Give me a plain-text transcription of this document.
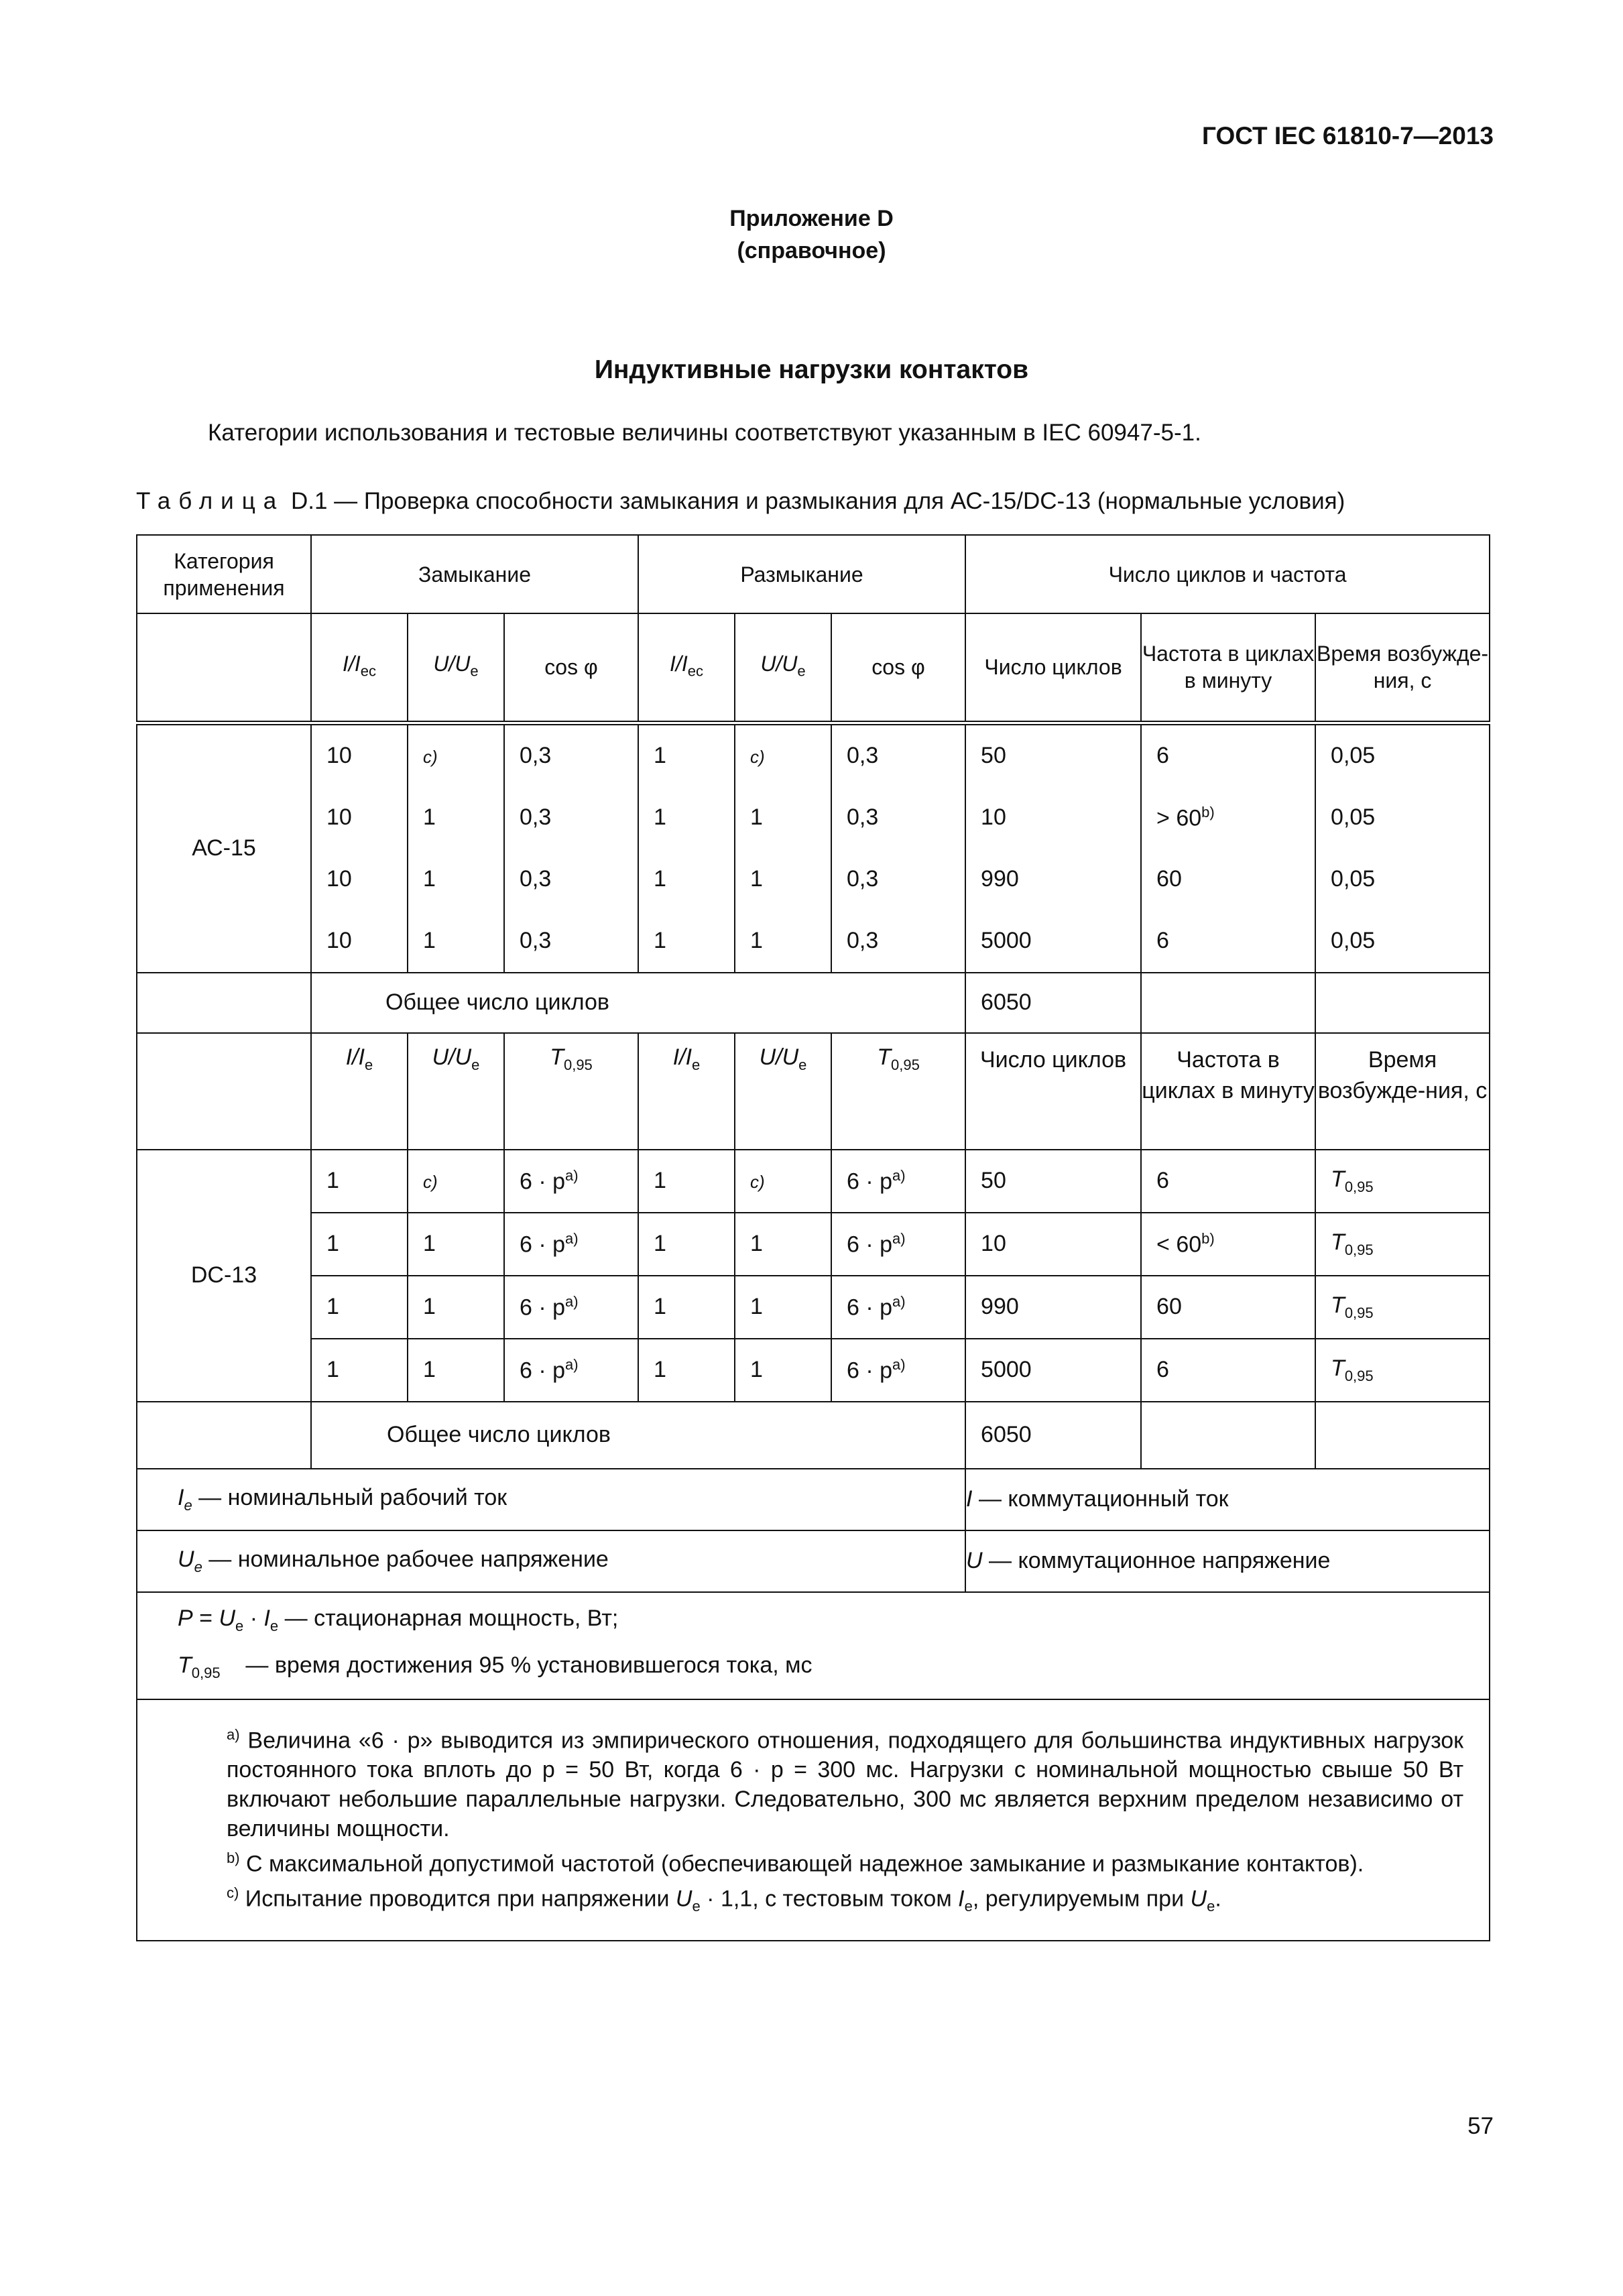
ГОСТ IEC 61810-7—2013
Приложение D
(справочное)
Индуктивные нагрузки контактов
Категории использования и тестовые величины соответствуют указанным в IEC 60947-5-1.
Таблица D.1 — Проверка способности замыкания и размыкания для АС-15/DC-13 (нормальные условия)
Категория применения	Замыкание			Размыкание			Число циклов и частота		
	$I/I_{ec}$	$U/U_e$	cos φ	$I/I_{ec}$	$U/U_e$	cos φ	Число циклов	Частота в циклах в минуту	Время возбужде-ния, с
АС-15	10	c)	0,3	1	c)	0,3	50	6	0,05
	10	1	0,3	1	1	0,3	10	> $60^{b)}$	0,05
	10	1	0,3	1	1	0,3	990	60	0,05
	10	1	0,3	1	1	0,3	5000	6	0,05
	Общее число циклов						6050		
	$I/I_e$	$U/U_e$	$T_{0,95}$	$I/I_e$	$U/U_e$	$T_{0,95}$	Число циклов	Частота в циклах в минуту	Время возбужде-ния, с
DC-13	1	c)	$6 \cdot p^{a)}$	1	c)	$6 \cdot p^{a)}$	50	6	$T_{0,95}$
	1	1	$6 \cdot p^{a)}$	1	1	$6 \cdot p^{a)}$	10	< $60^{b)}$	$T_{0,95}$
	1	1	$6 \cdot p^{a)}$	1	1	$6 \cdot p^{a)}$	990	60	$T_{0,95}$
	1	1	$6 \cdot p^{a)}$	1	1	$6 \cdot p^{a)}$	5000	6	$T_{0,95}$
	Общее число циклов						6050		
$I_e$ — номинальный рабочий ток							I — коммутационный ток		
$U_e$ — номинальное рабочее напряжение							U — коммутационное напряжение		

$P = U_e \cdot I_e$ — стационарная мощность, Вт;
$T_{0,95}$ — время достижения 95 % установившегося тока, мс									

$^{a)}$ Величина «6 · p» выводится из эмпирического отношения, подходящего для большинства индуктивных нагрузок постоянного тока вплоть до p = 50 Вт, когда 6 · p = 300 мс. Нагрузки с номинальной мощностью свыше 50 Вт включают небольшие параллельные нагрузки. Следовательно, 300 мс является верхним пределом независимо от величины мощности.
$^{b)}$ С максимальной допустимой частотой (обеспечивающей надежное замыкание и размыкание контактов).
$^{c)}$ Испытание проводится при напряжении $U_e \cdot 1,1$, с тестовым током $I_e$, регулируемым при $U_e$.									
57
